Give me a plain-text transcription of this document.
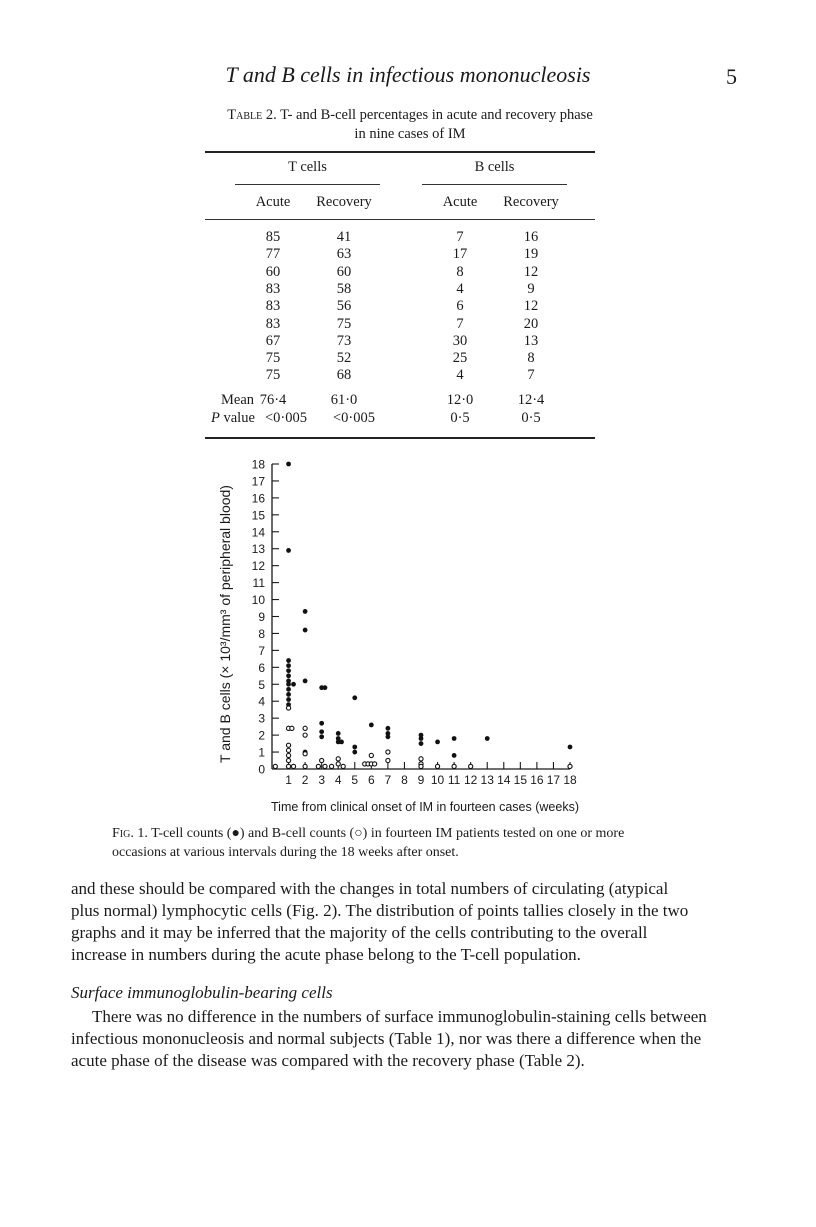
T and B cells in infectious mononucleosis	5
Table 2. T- and B-cell percentages in acute and recovery phase
in nine cases of IM
T cells	B cells
Acute	Recovery	Acute	Recovery
85	41	7	16
77	63	17	19
60	60	8	12
83	58	4	9
83	56	6	12
83	75	7	20
67	73	30	13
75	52	25	8
75	68	4	7
Mean 76·4	61·0	12·0	12·4
P value <0·005	<0·005	0·5	0·5
0
1
2
3
4
5
6
7
8
9
10
11
12
13
14
15
16
17
18
1 2 3 4 5 6 7 8 9 10 11 12 13 14 15 16 17 18
T and B cells (× 10³/mm³ of peripheral blood)
Time from clinical onset of IM in fourteen cases (weeks)
Fig. 1. T-cell counts (●) and B-cell counts (○) in fourteen IM patients tested on one or more
occasions at various intervals during the 18 weeks after onset.
and these should be compared with the changes in total numbers of circulating (atypical
plus normal) lymphocytic cells (Fig. 2). The distribution of points tallies closely in the two
graphs and it may be inferred that the majority of the cells contributing to the overall
increase in numbers during the acute phase belong to the T-cell population.
Surface immunoglobulin-bearing cells
There was no difference in the numbers of surface immunoglobulin-staining cells between
infectious mononucleosis and normal subjects (Table 1), nor was there a difference when the
acute phase of the disease was compared with the recovery phase (Table 2).
